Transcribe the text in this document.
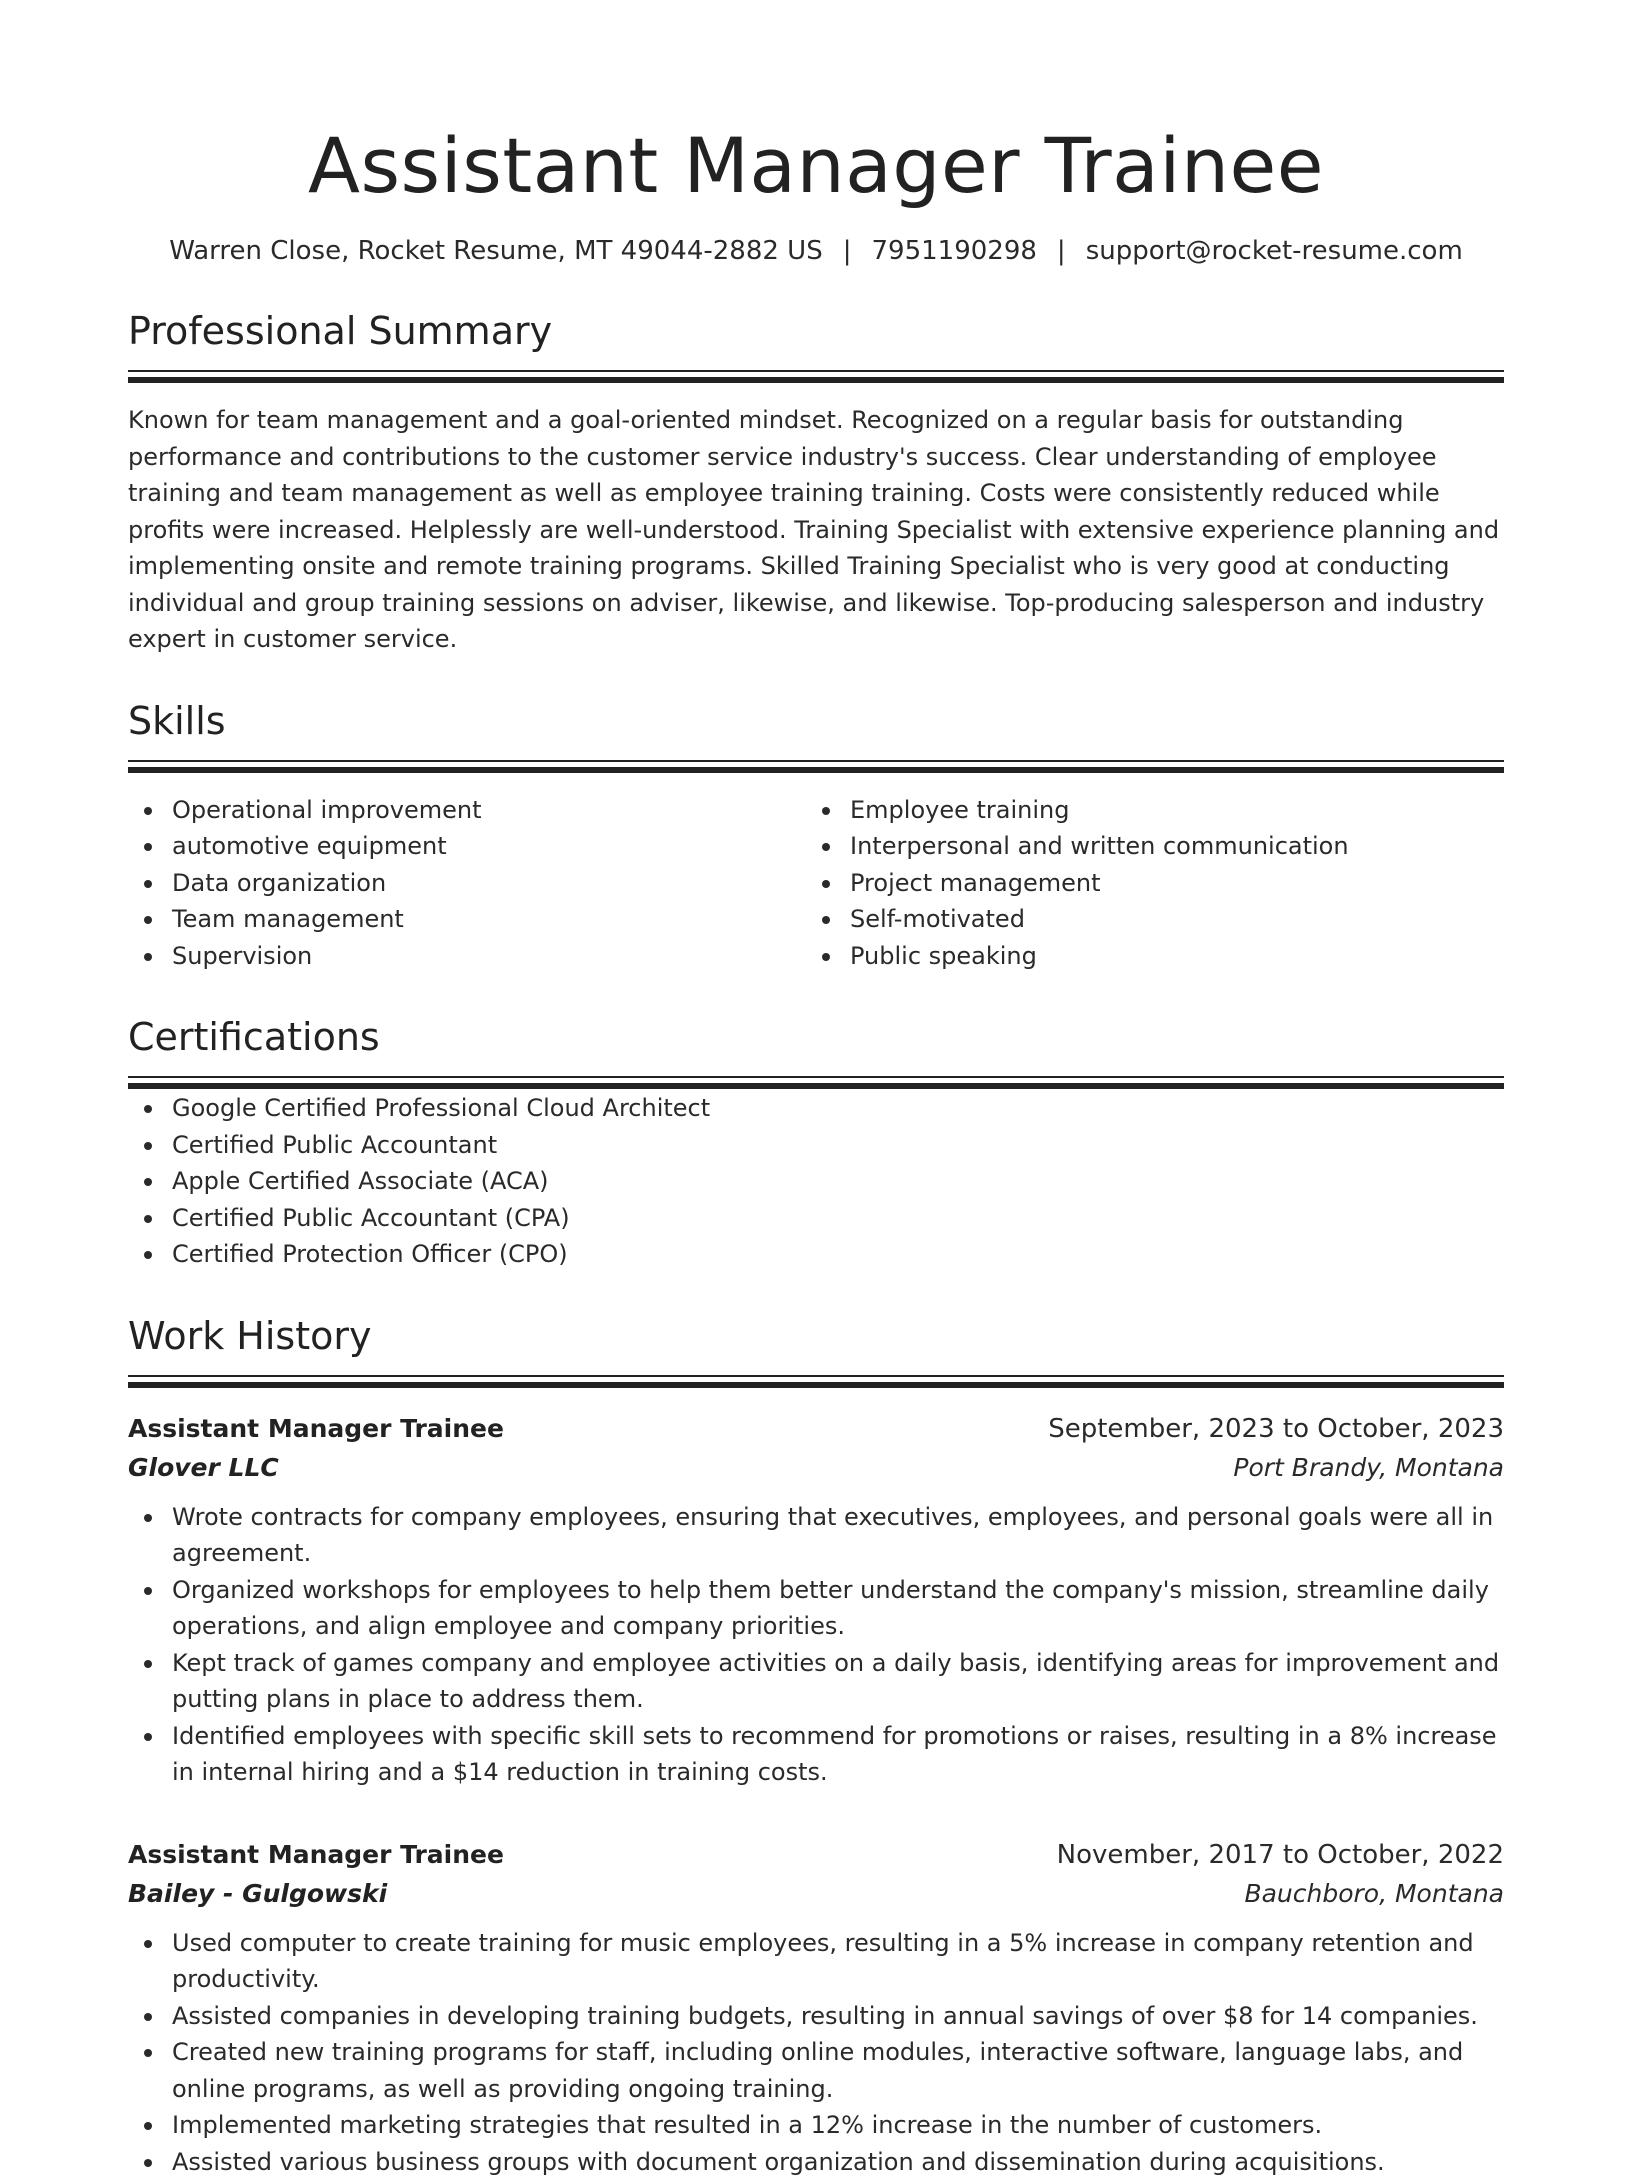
Assistant Manager Trainee
Warren Close, Rocket Resume, MT 49044-2882 US | 7951190298 | support@rocket-resume.com
Professional Summary
Known for team management and a goal-oriented mindset. Recognized on a regular basis for outstanding performance and contributions to the customer service industry's success. Clear understanding of employee training and team management as well as employee training training. Costs were consistently reduced while profits were increased. Helplessly are well-understood. Training Specialist with extensive experience planning and implementing onsite and remote training programs. Skilled Training Specialist who is very good at conducting individual and group training sessions on adviser, likewise, and likewise. Top-producing salesperson and industry expert in customer service.
Skills
Operational improvement
automotive equipment
Data organization
Team management
Supervision
Employee training
Interpersonal and written communication
Project management
Self-motivated
Public speaking
Certifications
Google Certified Professional Cloud Architect
Certified Public Accountant
Apple Certified Associate (ACA)
Certified Public Accountant (CPA)
Certified Protection Officer (CPO)
Work History
Assistant Manager Trainee	September, 2023 to October, 2023
Glover LLC	Port Brandy, Montana
Wrote contracts for company employees, ensuring that executives, employees, and personal goals were all in agreement.
Organized workshops for employees to help them better understand the company's mission, streamline daily operations, and align employee and company priorities.
Kept track of games company and employee activities on a daily basis, identifying areas for improvement and putting plans in place to address them.
Identified employees with specific skill sets to recommend for promotions or raises, resulting in a 8% increase in internal hiring and a $14 reduction in training costs.
Assistant Manager Trainee	November, 2017 to October, 2022
Bailey - Gulgowski	Bauchboro, Montana
Used computer to create training for music employees, resulting in a 5% increase in company retention and productivity.
Assisted companies in developing training budgets, resulting in annual savings of over $8 for 14 companies.
Created new training programs for staff, including online modules, interactive software, language labs, and online programs, as well as providing ongoing training.
Implemented marketing strategies that resulted in a 12% increase in the number of customers.
Assisted various business groups with document organization and dissemination during acquisitions.
